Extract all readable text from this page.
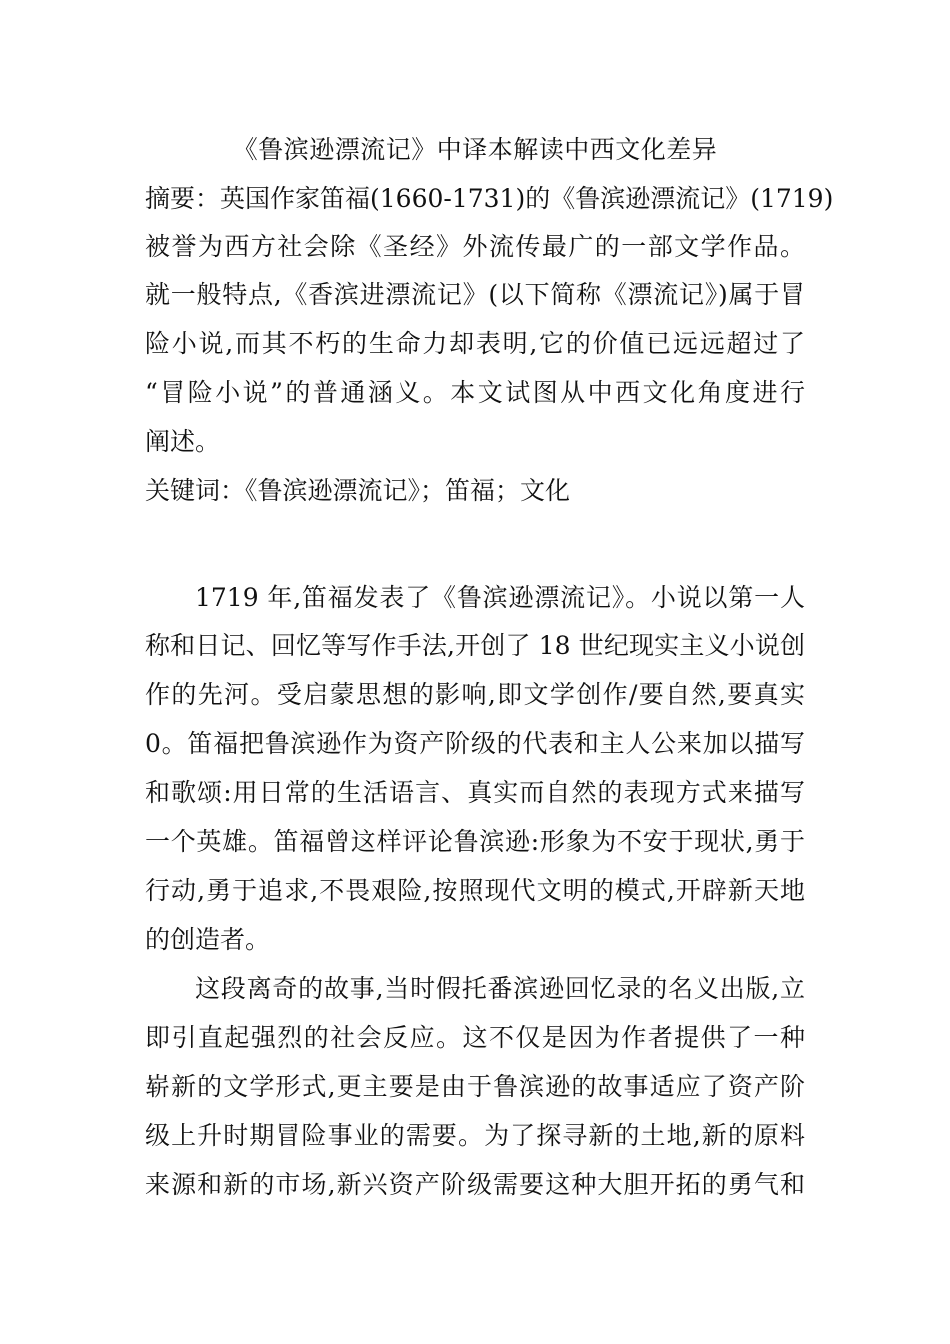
《鲁滨逊漂流记》中译本解读中西文化差异
摘要：英国作家笛福(1660-1731)的《鲁滨逊漂流记》(1719)
被誉为西方社会除《圣经》外流传最广的一部文学作品。
就一般特点,《香滨进漂流记》(以下简称《漂流记》)属于冒
险小说,而其不朽的生命力却表明,它的价值已远远超过了
“冒险小说”的普通涵义。本文试图从中西文化角度进行
阐述。
关键词：《鲁滨逊漂流记》；笛福；文化
1719 年,笛福发表了《鲁滨逊漂流记》。小说以第一人
称和日记、回忆等写作手法,开创了 18 世纪现实主义小说创
作的先河。受启蒙思想的影响,即文学创作/要自然,要真实
0。笛福把鲁滨逊作为资产阶级的代表和主人公来加以描写
和歌颂:用日常的生活语言、真实而自然的表现方式来描写
一个英雄。笛福曾这样评论鲁滨逊:形象为不安于现状,勇于
行动,勇于追求,不畏艰险,按照现代文明的模式,开辟新天地
的创造者。
这段离奇的故事,当时假托番滨逊回忆录的名义出版,立
即引直起强烈的社会反应。这不仅是因为作者提供了一种
崭新的文学形式,更主要是由于鲁滨逊的故事适应了资产阶
级上升时期冒险事业的需要。为了探寻新的土地,新的原料
来源和新的市场,新兴资产阶级需要这种大胆开拓的勇气和
